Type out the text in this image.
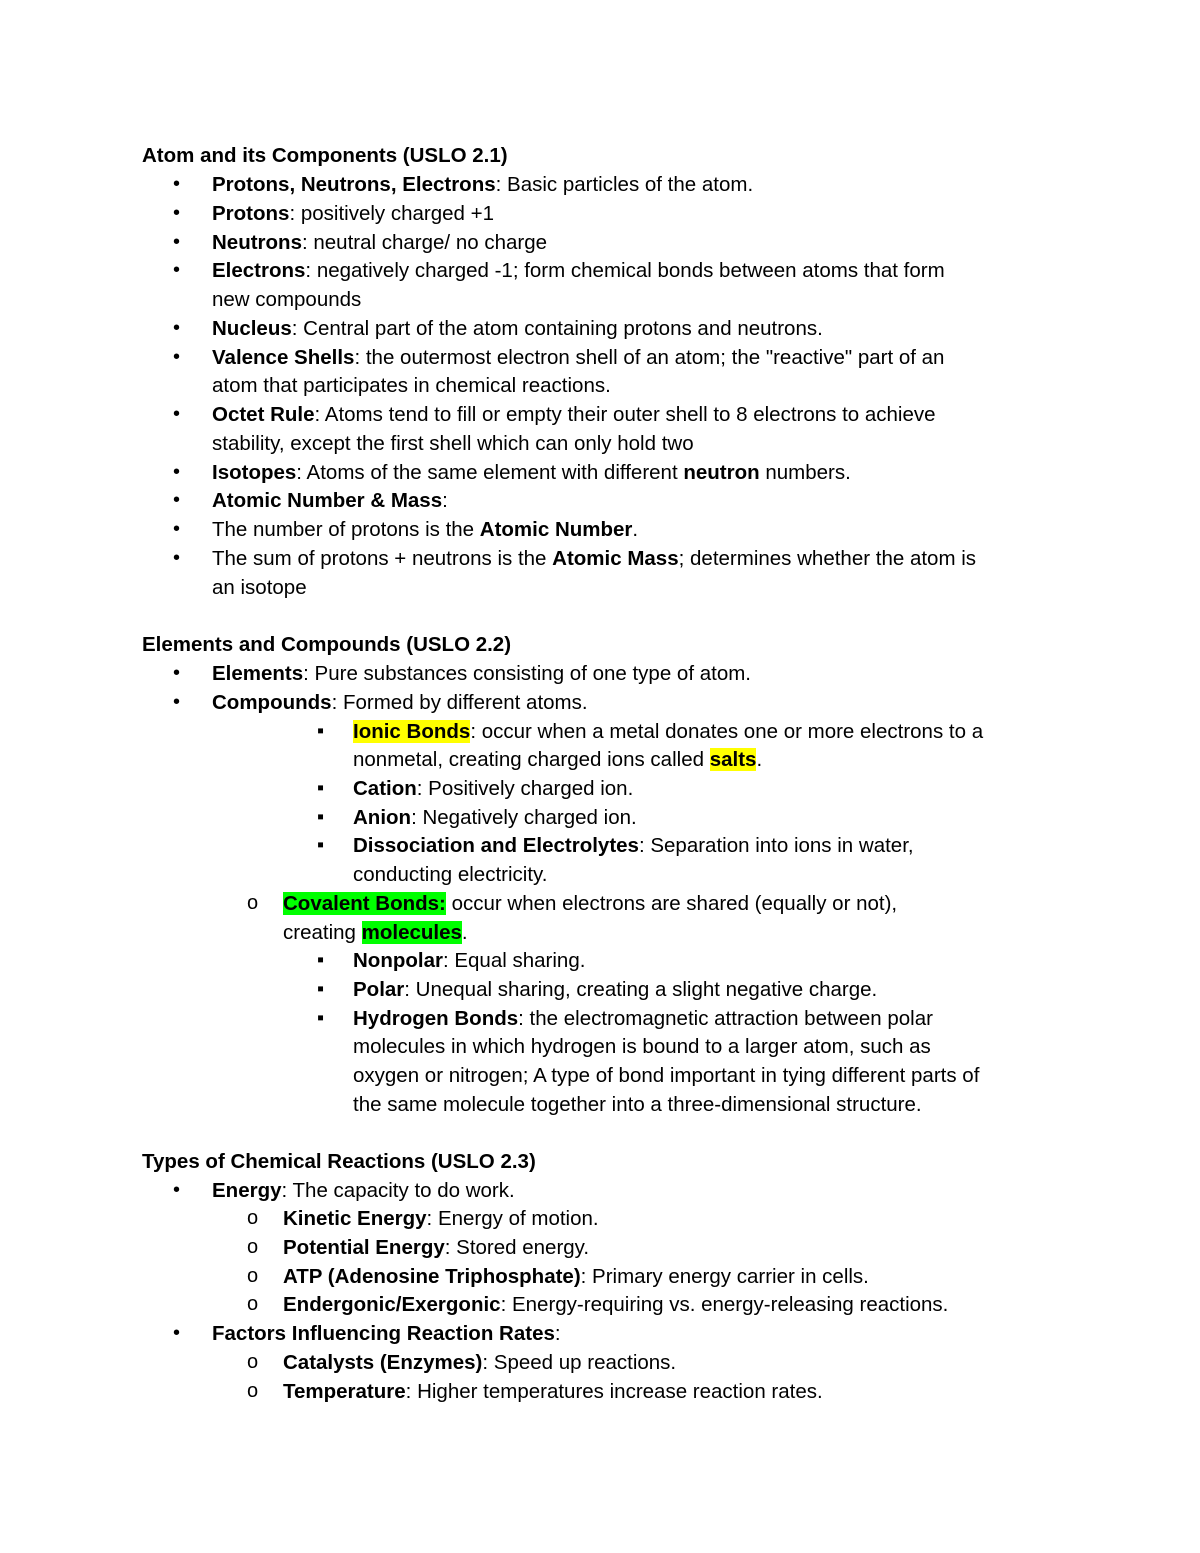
Atom and its Components (USLO 2.1)
• Protons, Neutrons, Electrons: Basic particles of the atom.
• Protons: positively charged +1
• Neutrons: neutral charge/ no charge
• Electrons: negatively charged -1; form chemical bonds between atoms that form
new compounds
• Nucleus: Central part of the atom containing protons and neutrons.
• Valence Shells: the outermost electron shell of an atom; the "reactive" part of an
atom that participates in chemical reactions.
• Octet Rule: Atoms tend to fill or empty their outer shell to 8 electrons to achieve
stability, except the first shell which can only hold two
• Isotopes: Atoms of the same element with different neutron numbers.
• Atomic Number & Mass:
• The number of protons is the Atomic Number.
• The sum of protons + neutrons is the Atomic Mass; determines whether the atom is
an isotope
Elements and Compounds (USLO 2.2)
• Elements: Pure substances consisting of one type of atom.
• Compounds: Formed by different atoms.
▪ Ionic Bonds: occur when a metal donates one or more electrons to a
nonmetal, creating charged ions called salts.
▪ Cation: Positively charged ion.
▪ Anion: Negatively charged ion.
▪ Dissociation and Electrolytes: Separation into ions in water,
conducting electricity.
o Covalent Bonds: occur when electrons are shared (equally or not),
creating molecules.
▪ Nonpolar: Equal sharing.
▪ Polar: Unequal sharing, creating a slight negative charge.
▪ Hydrogen Bonds: the electromagnetic attraction between polar
molecules in which hydrogen is bound to a larger atom, such as
oxygen or nitrogen; A type of bond important in tying different parts of
the same molecule together into a three-dimensional structure.
Types of Chemical Reactions (USLO 2.3)
• Energy: The capacity to do work.
o Kinetic Energy: Energy of motion.
o Potential Energy: Stored energy.
o ATP (Adenosine Triphosphate): Primary energy carrier in cells.
o Endergonic/Exergonic: Energy-requiring vs. energy-releasing reactions.
• Factors Influencing Reaction Rates:
o Catalysts (Enzymes): Speed up reactions.
o Temperature: Higher temperatures increase reaction rates.
